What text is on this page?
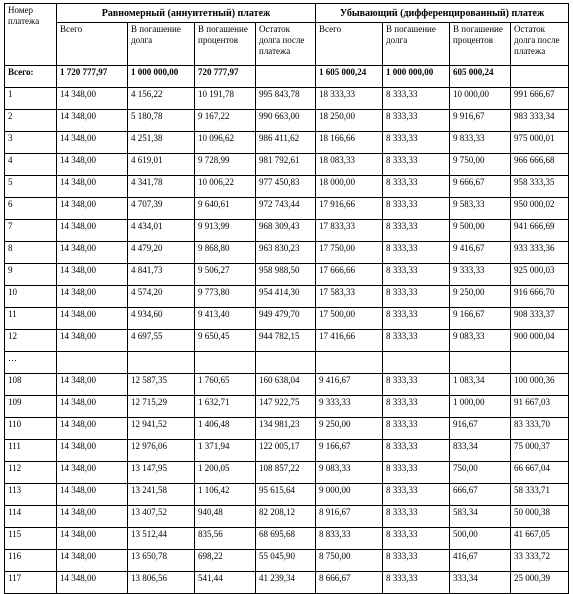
Номер платежа	Равномерный (аннуитетный) платеж				Убывающий (дифференцированный) платеж			
	Всего	В погашение долга	В погашение процентов	Остаток долга после платежа	Всего	В погашение долга	В погашение процентов	Остаток долга после платежа
Всего:	1 720 777,97	1 000 000,00	720 777,97		1 605 000,24	1 000 000,00	605 000,24	
1	14 348,00	4 156,22	10 191,78	995 843,78	18 333,33	8 333,33	10 000,00	991 666,67
2	14 348,00	5 180,78	9 167,22	990 663,00	18 250,00	8 333,33	9 916,67	983 333,34
3	14 348,00	4 251,38	10 096,62	986 411,62	18 166,66	8 333,33	9 833,33	975 000,01
4	14 348,00	4 619,01	9 728,99	981 792,61	18 083,33	8 333,33	9 750,00	966 666,68
5	14 348,00	4 341,78	10 006,22	977 450,83	18 000,00	8 333,33	9 666,67	958 333,35
6	14 348,00	4 707,39	9 640,61	972 743,44	17 916,66	8 333,33	9 583,33	950 000,02
7	14 348,00	4 434,01	9 913,99	968 309,43	17 833,33	8 333,33	9 500,00	941 666,69
8	14 348,00	4 479,20	9 868,80	963 830,23	17 750,00	8 333,33	9 416,67	933 333,36
9	14 348,00	4 841,73	9 506,27	958 988,50	17 666,66	8 333,33	9 333,33	925 000,03
10	14 348,00	4 574,20	9 773,80	954 414,30	17 583,33	8 333,33	9 250,00	916 666,70
11	14 348,00	4 934,60	9 413,40	949 479,70	17 500,00	8 333,33	9 166,67	908 333,37
12	14 348,00	4 697,55	9 650,45	944 782,15	17 416,66	8 333,33	9 083,33	900 000,04
…								
108	14 348,00	12 587,35	1 760,65	160 638,04	9 416,67	8 333,33	1 083,34	100 000,36
109	14 348,00	12 715,29	1 632,71	147 922,75	9 333,33	8 333,33	1 000,00	91 667,03
110	14 348,00	12 941,52	1 406,48	134 981,23	9 250,00	8 333,33	916,67	83 333,70
111	14 348,00	12 976,06	1 371,94	122 005,17	9 166,67	8 333,33	833,34	75 000,37
112	14 348,00	13 147,95	1 200,05	108 857,22	9 083,33	8 333,33	750,00	66 667,04
113	14 348,00	13 241,58	1 106,42	95 615,64	9 000,00	8 333,33	666,67	58 333,71
114	14 348,00	13 407,52	940,48	82 208,12	8 916,67	8 333,33	583,34	50 000,38
115	14 348,00	13 512,44	835,56	68 695,68	8 833,33	8 333,33	500,00	41 667,05
116	14 348,00	13 650,78	698,22	55 045,90	8 750,00	8 333,33	416,67	33 333,72
117	14 348,00	13 806,56	541,44	41 239,34	8 666,67	8 333,33	333,34	25 000,39
